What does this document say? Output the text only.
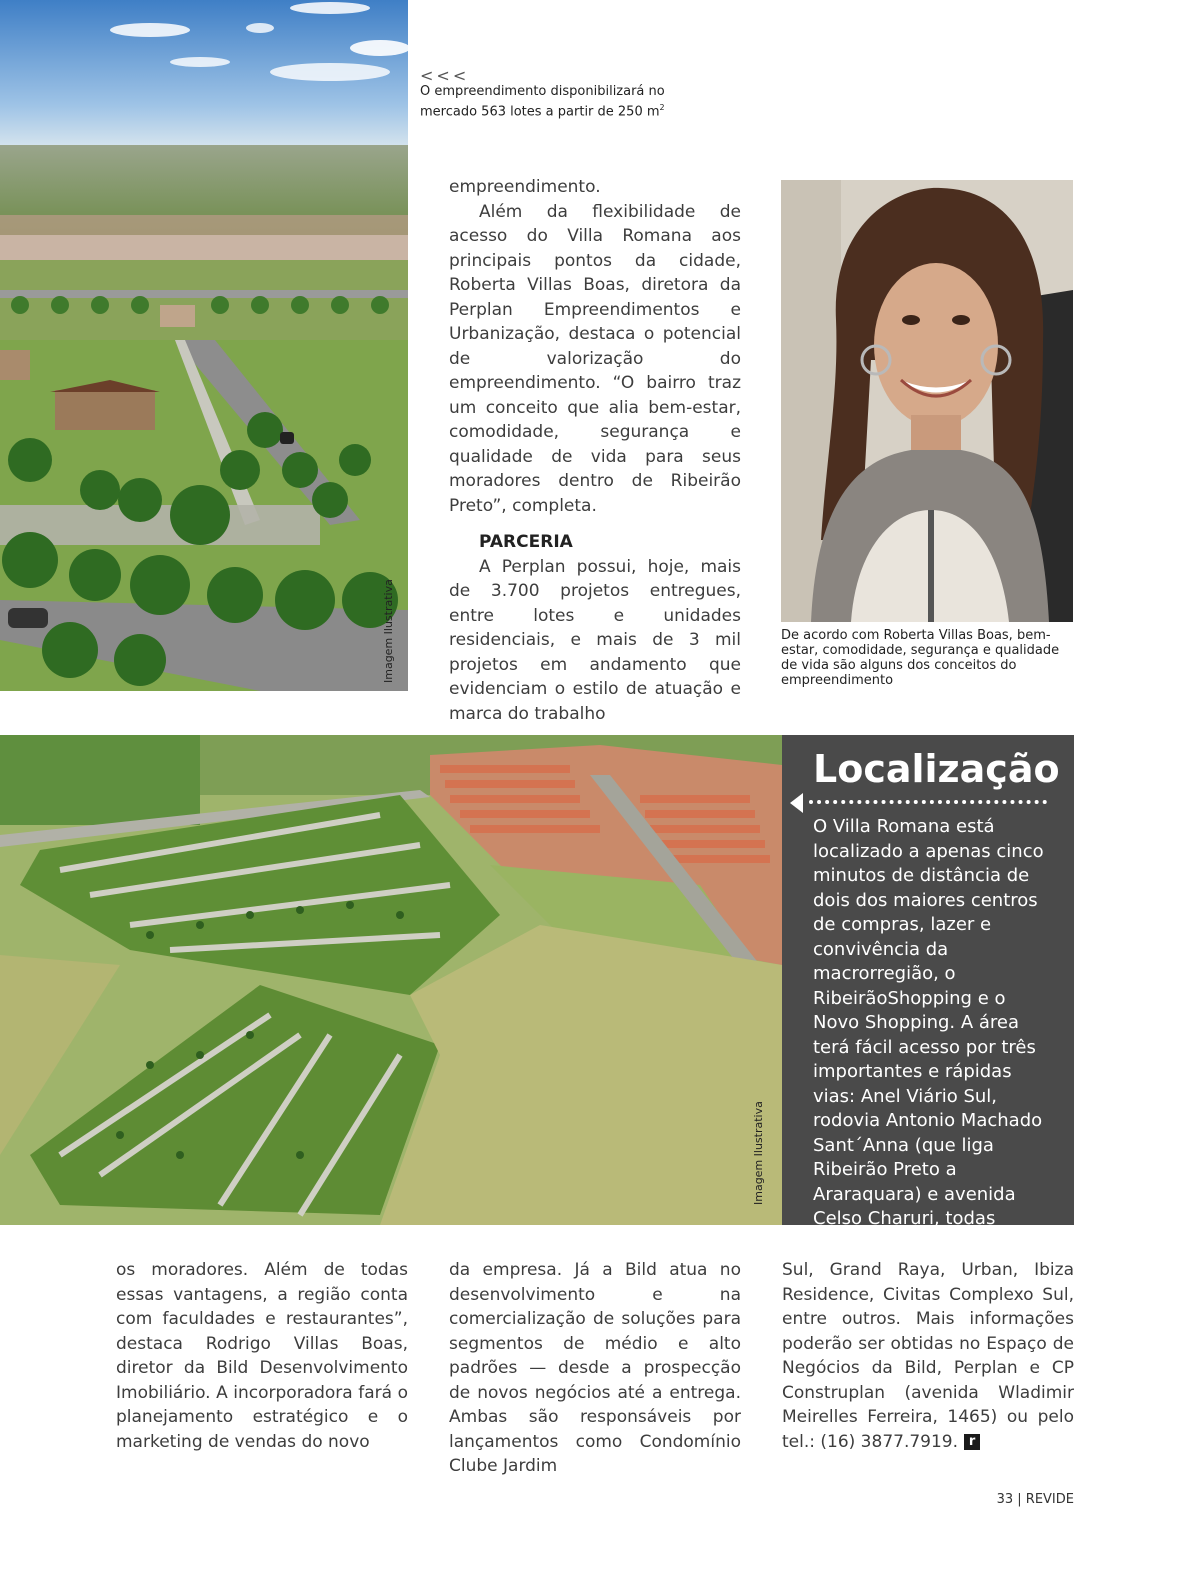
Imagem Ilustrativa
<<<
O empreendimento disponibilizará no
mercado 563 lotes a partir de 250 $m^2$

empreendimento.

Além da flexibilidade de acesso do Villa Romana aos principais pontos da cidade, Roberta Villas Boas, diretora da Perplan Empreendimentos e Urbanização, destaca o potencial de valorização do empreendimento. “O bairro traz um conceito que alia bem-estar, comodidade, segurança e qualidade de vida para seus moradores dentro de Ribeirão Preto”, completa.

PARCERIA

A Perplan possui, hoje, mais de 3.700 projetos entregues, entre lotes e unidades residenciais, e mais de 3 mil projetos em andamento que evidenciam o estilo de atuação e marca do trabalho

De acordo com Roberta Villas Boas, bem-estar, comodidade, segurança e qualidade de vida são alguns dos conceitos do empreendimento
Imagem Ilustrativa
Localização
O Villa Romana está localizado a apenas cinco minutos de distância de dois dos maiores centros de compras, lazer e convivência da macrorregião, o RibeirãoShopping e o Novo Shopping. A área terá fácil acesso por três importantes e rápidas vias: Anel Viário Sul, rodovia Antonio Machado Sant´Anna (que liga Ribeirão Preto a Araraquara) e avenida Celso Charuri, todas duplicadas.

os moradores. Além de todas essas vantagens, a região conta com faculdades e restaurantes”, destaca Rodrigo Villas Boas, diretor da Bild Desenvolvimento Imobiliário. A incorporadora fará o planejamento estratégico e o marketing de vendas do novo

da empresa. Já a Bild atua no desenvolvimento e na comercialização de soluções para segmentos de médio e alto padrões — desde a prospecção de novos negócios até a entrega. Ambas são responsáveis por lançamentos como Condomínio Clube Jardim

Sul, Grand Raya, Urban, Ibiza Residence, Civitas Complexo Sul, entre outros. Mais informações poderão ser obtidas no Espaço de Negócios da Bild, Perplan e CP Construplan (avenida Wladimir Meirelles Ferreira, 1465) ou pelo tel.: (16) 3877.7919. r

33 | REVIDE
